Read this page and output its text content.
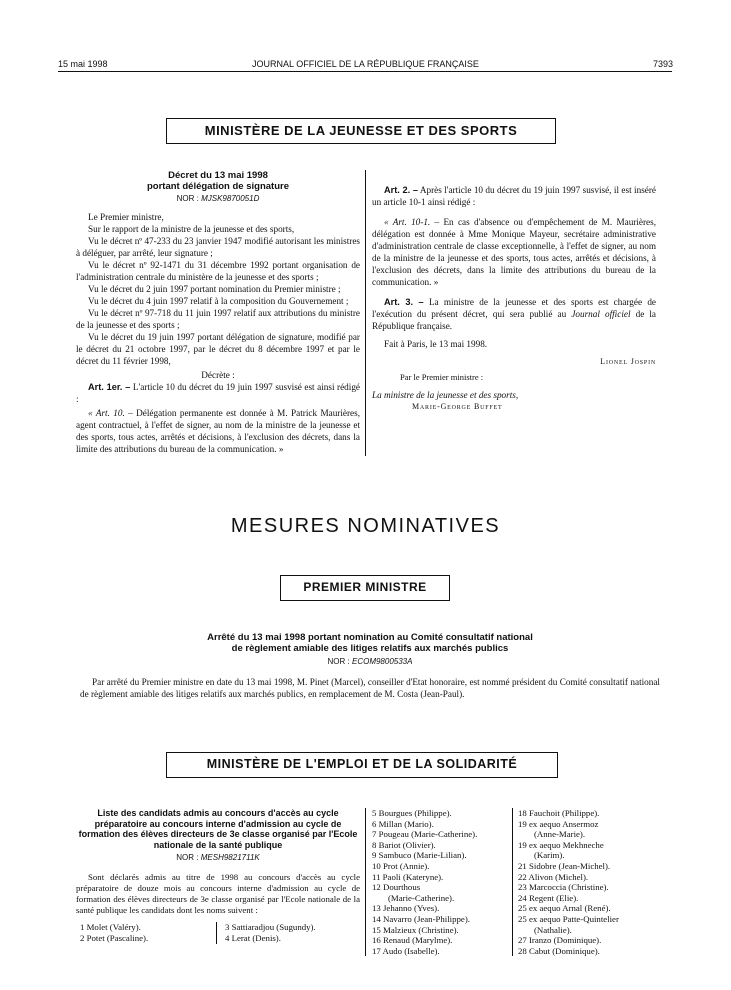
15 mai 1998	JOURNAL OFFICIEL DE LA RÉPUBLIQUE FRANÇAISE	7393
MINISTÈRE DE LA JEUNESSE ET DES SPORTS
Décret du 13 mai 1998
portant délégation de signature
NOR : MJSK9870051D
Le Premier ministre,
Sur le rapport de la ministre de la jeunesse et des sports,
Vu le décret nº 47-233 du 23 janvier 1947 modifié autorisant les ministres à déléguer, par arrêté, leur signature ;
Vu le décret nº 92-1471 du 31 décembre 1992 portant organisation de l'administration centrale du ministère de la jeunesse et des sports ;
Vu le décret du 2 juin 1997 portant nomination du Premier ministre ;
Vu le décret du 4 juin 1997 relatif à la composition du Gouvernement ;
Vu le décret nº 97-718 du 11 juin 1997 relatif aux attributions du ministre de la jeunesse et des sports ;
Vu le décret du 19 juin 1997 portant délégation de signature, modifié par le décret du 21 octobre 1997, par le décret du 8 décembre 1997 et par le décret du 11 février 1998,
Décrète :
Art. 1er. – L'article 10 du décret du 19 juin 1997 susvisé est ainsi rédigé :
« Art. 10. – Délégation permanente est donnée à M. Patrick Maurières, agent contractuel, à l'effet de signer, au nom de la ministre de la jeunesse et des sports, tous actes, arrêtés et décisions, à l'exclusion des décrets, dans la limite des attributions du bureau de la communication. »
Art. 2. – Après l'article 10 du décret du 19 juin 1997 susvisé, il est inséré un article 10-1 ainsi rédigé :
« Art. 10-1. – En cas d'absence ou d'empêchement de M. Maurières, délégation est donnée à Mme Monique Mayeur, secrétaire administrative d'administration centrale de classe exceptionnelle, à l'effet de signer, au nom de la ministre de la jeunesse et des sports, tous actes, arrêtés et décisions, à l'exclusion des décrets, dans la limite des attributions du bureau de la communication. »
Art. 3. – La ministre de la jeunesse et des sports est chargée de l'exécution du présent décret, qui sera publié au Journal officiel de la République française.
Fait à Paris, le 13 mai 1998.
Lionel Jospin
Par le Premier ministre :
La ministre de la jeunesse et des sports,
Marie-George Buffet
MESURES NOMINATIVES
PREMIER MINISTRE
Arrêté du 13 mai 1998 portant nomination au Comité consultatif national
de règlement amiable des litiges relatifs aux marchés publics
NOR : ECOM9800533A
Par arrêté du Premier ministre en date du 13 mai 1998, M. Pinet (Marcel), conseiller d'Etat honoraire, est nommé président du Comité consultatif national de règlement amiable des litiges relatifs aux marchés publics, en remplacement de M. Costa (Jean-Paul).
MINISTÈRE DE L'EMPLOI ET DE LA SOLIDARITÉ
Liste des candidats admis au concours d'accès au cycle préparatoire au concours interne d'admission au cycle de formation des élèves directeurs de 3e classe organisé par l'Ecole nationale de la santé publique
NOR : MESH9821711K
Sont déclarés admis au titre de 1998 au concours d'accès au cycle préparatoire de douze mois au concours interne d'admission au cycle de formation des élèves directeurs de 3e classe organisé par l'Ecole nationale de la santé publique les candidats dont les noms suivent :
1 Molet (Valéry).
2 Potet (Pascaline).
3 Sattiaradjou (Sugundy).
4 Lerat (Denis).
5 Bourgues (Philippe).
6 Millan (Mario).
7 Pougeau (Marie-Catherine).
8 Bariot (Olivier).
9 Sambuco (Marie-Lilian).
10 Prot (Annie).
11 Paoli (Kateryne).
12 Dourthous
(Marie-Catherine).
13 Jehanno (Yves).
14 Navarro (Jean-Philippe).
15 Malzieux (Christine).
16 Renaud (Marylme).
17 Audo (Isabelle).
18 Fauchoit (Philippe).
19 ex aequo Ansermoz
(Anne-Marie).
19 ex aequo Mekhneche
(Karim).
21 Sidobre (Jean-Michel).
22 Alivon (Michel).
23 Marcoccia (Christine).
24 Regent (Elie).
25 ex aequo Arnal (René).
25 ex aequo Patte-Quintelier
(Nathalie).
27 Iranzo (Dominique).
28 Cabut (Dominique).
